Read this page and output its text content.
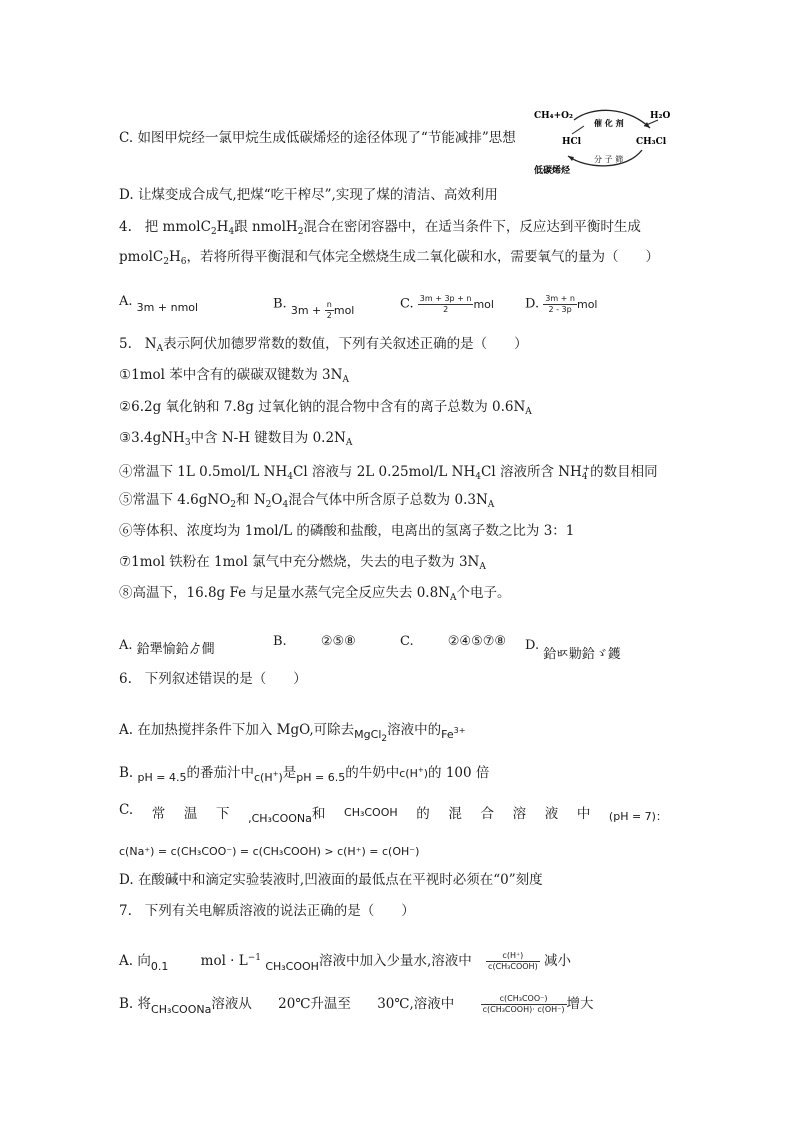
C. 如图甲烷经一氯甲烷生成低碳烯烃的途径体现了“节能减排”思想
CH₄+O₂	H₂O
HCl	CH₃Cl
催 化 剂
分 子 筛
低碳烯烃
D. 让煤变成合成气,把煤“吃干榨尽”,实现了煤的清洁、高效利用
4. 把 $mmolC_2H_4$跟 nmolH$_2$混合在密闭容器中，在适当条件下，反应达到平衡时生成
$pmolC_2H_6$，若将所得平衡混和气体完全燃烧生成二氧化碳和水，需要氧气的量为（　　）
A. $_{3m + nmol}$	B. $_{3m + \frac{n}{2} mol}$	C. $\frac{3m + 3p + n}{2}$ mol D. $\frac{3m + n}{2 - 3p}$ mol
5. $N_A$表示阿伏加德罗常数的数值，下列有关叙述正确的是（　　）
①1mol 苯中含有的碳碳双键数为 $3N_A$
②6.2g 氧化钠和 7.8g 过氧化钠的混合物中含有的离子总数为 $0.6N_A$
③3.4gNH$_3$中含 N-H 键数目为 $0.2N_A$
④常温下 1L 0.5mol/L $NH_4Cl$ 溶液与 2L 0.25mol/L $NH_4Cl$ 溶液所含 $NH_4^+$的数目相同
⑤常温下 4.6gNO$_2$和 $N_2O_4$混合气体中所含原子总数为 $0.3N_A$
⑥等体积、浓度均为 1mol/L 的磷酸和盐酸，电离出的氢离子数之比为 3：1
⑦1mol 铁粉在 1mol 氯气中充分燃烧，失去的电子数为 $3N_A$
⑧高温下，16.8g Fe 与足量水蒸气完全反应失去 $0.8N_A$个电子。
A. 鉿犟愉鉿ゟ僴
B.	②⑤⑧	C.	②④⑤⑦⑧ D. 鉿ㅶ勦鉿ゞ鑊
6. 下列叙述错误的是（　　）
A. 在加热搅拌条件下加入 MgO,可除去$_{MgCl_2}$溶液中的$_{Fe^{3+}}$
B. $_{pH = 4.5}$的番茄汁中$_{c(H^+)}$是$_{pH = 6.5}$的牛奶中c(H+)的 100 倍
C. 常 温 下 $_{,CH_3COONa}$和 CH₃COOH 的 混 合 溶 液 中 (pH = 7)：
c(Na⁺) = c(CH₃COO⁻) = c(CH₃COOH) > c(H⁺) = c(OH⁻)
D. 在酸碱中和滴定实验装液时,凹液面的最低点在平视时必须在“0”刻度
7. 下列有关电解质溶液的说法正确的是（　　）
A. 向$_{0.1}$ mol · $L^{-1}$ $_{CH_3COOH}$溶液中加入少量水,溶液中 $\frac{c(H^+)}{\text{c(CH₃COOH)}}$ 减小
B. 将$_{CH_3COONa}$溶液从 20℃升温至 30℃,溶液中	$\frac{\text{c(CH₃COO⁻)}}{\text{c(CH₃COOH)· c(OH⁻)}}$ 增大
